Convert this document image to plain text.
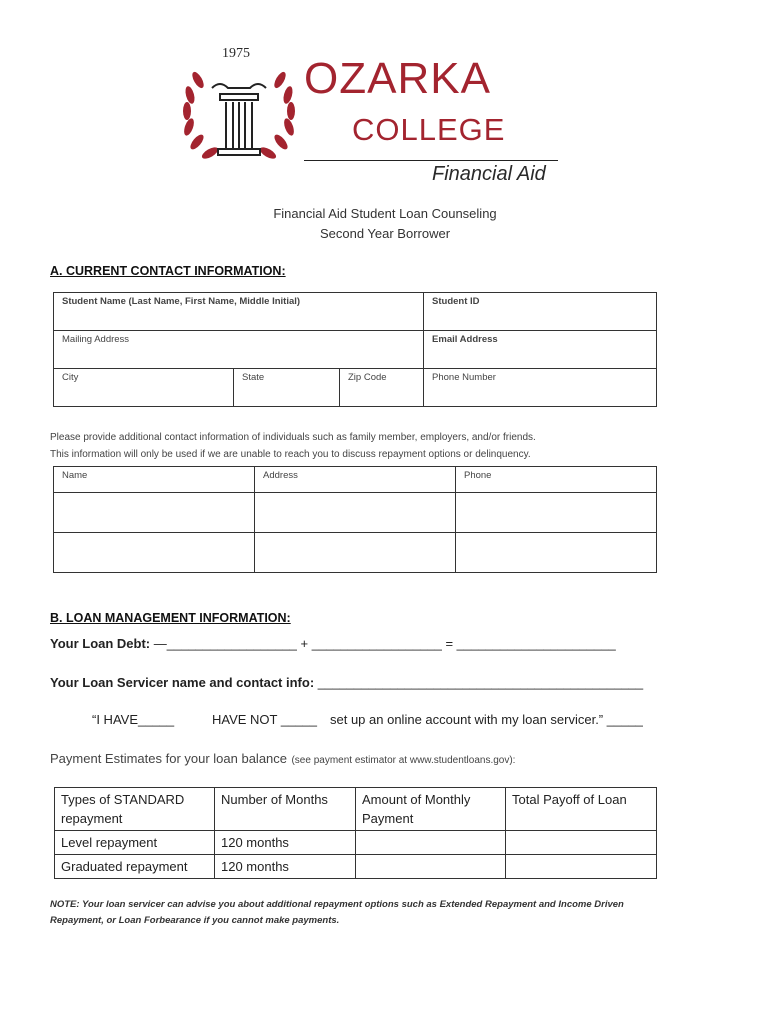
1975
OZARKA
COLLEGE
Financial Aid
Financial Aid Student Loan Counseling
Second Year Borrower
A. CURRENT CONTACT INFORMATION:
Student Name (Last Name, First Name, Middle Initial)			Student ID
Mailing Address			Email Address
City	State	Zip Code	Phone Number
Please provide additional contact information of individuals such as family member, employers, and/or friends.
This information will only be used if we are unable to reach you to discuss repayment options or delinquency.
Name	Address	Phone

B. LOAN MANAGEMENT INFORMATION:
Your Loan Debt: —__________________ + __________________ = ______________________
Your Loan Servicer name and contact info: _____________________________________________
“I HAVE_____	HAVE NOT _____ set up an online account with my loan servicer.” _____
Payment Estimates for your loan balance (see payment estimator at www.studentloans.gov):
Types of STANDARD repayment	Number of Months	Amount of Monthly Payment	Total Payoff of Loan
Level repayment	120 months		
Graduated repayment	120 months		
NOTE: Your loan servicer can advise you about additional repayment options such as Extended Repayment and Income Driven
Repayment, or Loan Forbearance if you cannot make payments.
